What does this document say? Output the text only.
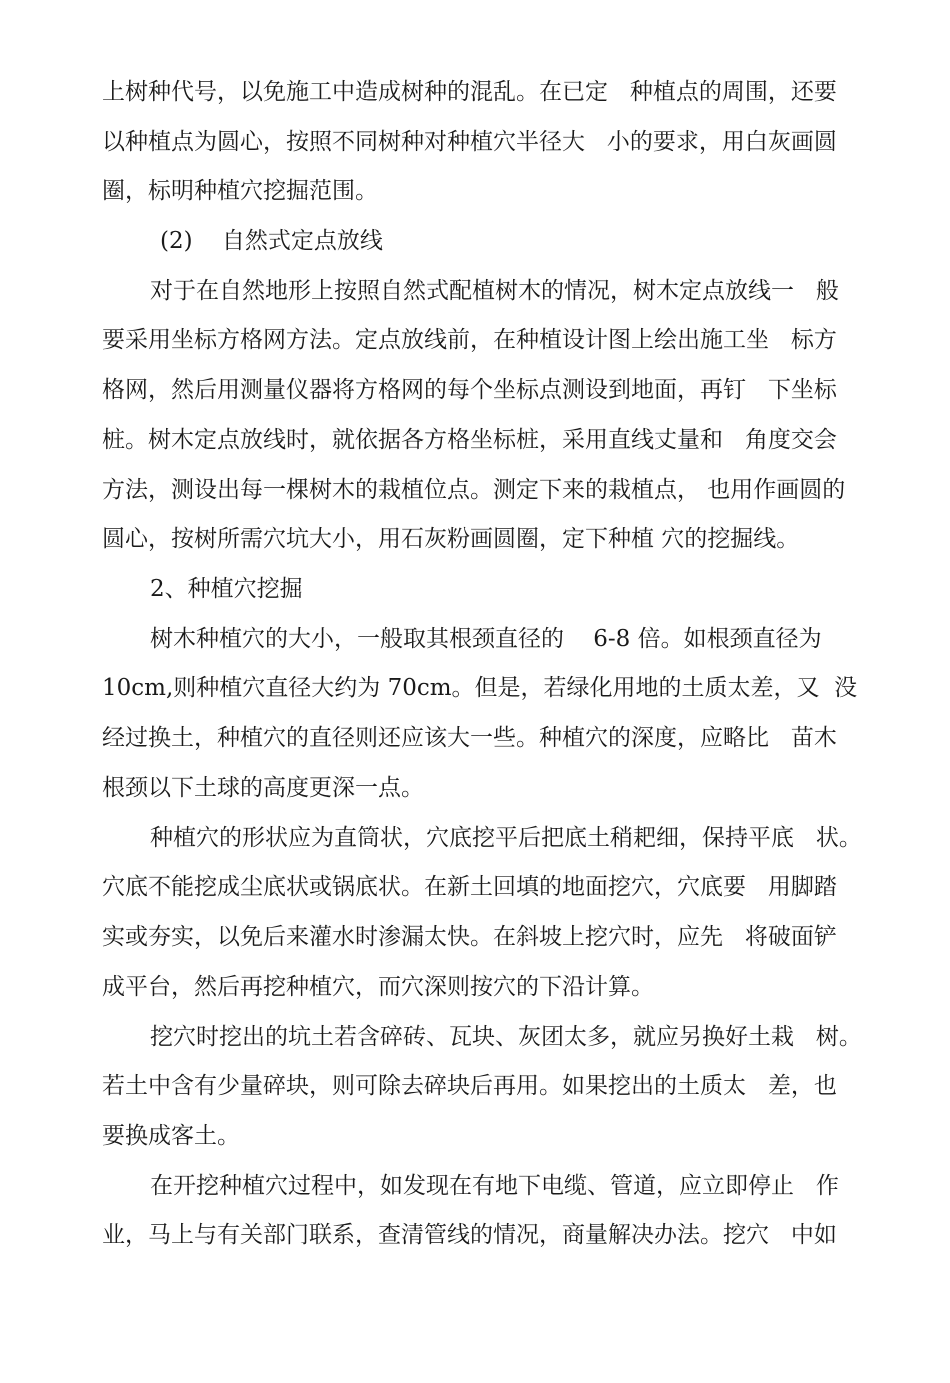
上树种代号，以免施工中造成树种的混乱。在已定   种植点的周围，还要
以种植点为圆心，按照不同树种对种植穴半径大   小的要求，用白灰画圆
圈，标明种植穴挖掘范围。
(2)    自然式定点放线
对于在自然地形上按照自然式配植树木的情况，树木定点放线一   般
要采用坐标方格网方法。定点放线前，在种植设计图上绘出施工坐   标方
格网，然后用测量仪器将方格网的每个坐标点测设到地面，再钉   下坐标
桩。树木定点放线时，就依据各方格坐标桩，采用直线丈量和   角度交会
方法，测设出每一棵树木的栽植位点。测定下来的栽植点， 也用作画圆的
圆心，按树所需穴坑大小，用石灰粉画圆圈，定下种植 穴的挖掘线。
2、种植穴挖掘
树木种植穴的大小，一般取其根颈直径的    6-8 倍。如根颈直径为
10cm,则种植穴直径大约为 70cm。但是，若绿化用地的土质太差，又  没
经过换土，种植穴的直径则还应该大一些。种植穴的深度，应略比   苗木
根颈以下土球的高度更深一点。
种植穴的形状应为直筒状，穴底挖平后把底土稍耙细，保持平底   状。
穴底不能挖成尘底状或锅底状。在新土回填的地面挖穴，穴底要   用脚踏
实或夯实，以免后来灌水时渗漏太快。在斜坡上挖穴时，应先   将破面铲
成平台，然后再挖种植穴，而穴深则按穴的下沿计算。
挖穴时挖出的坑土若含碎砖、瓦块、灰团太多，就应另换好土栽   树。
若土中含有少量碎块，则可除去碎块后再用。如果挖出的土质太   差，也
要换成客土。
在开挖种植穴过程中，如发现在有地下电缆、管道，应立即停止   作
业，马上与有关部门联系，查清管线的情况，商量解决办法。挖穴   中如
